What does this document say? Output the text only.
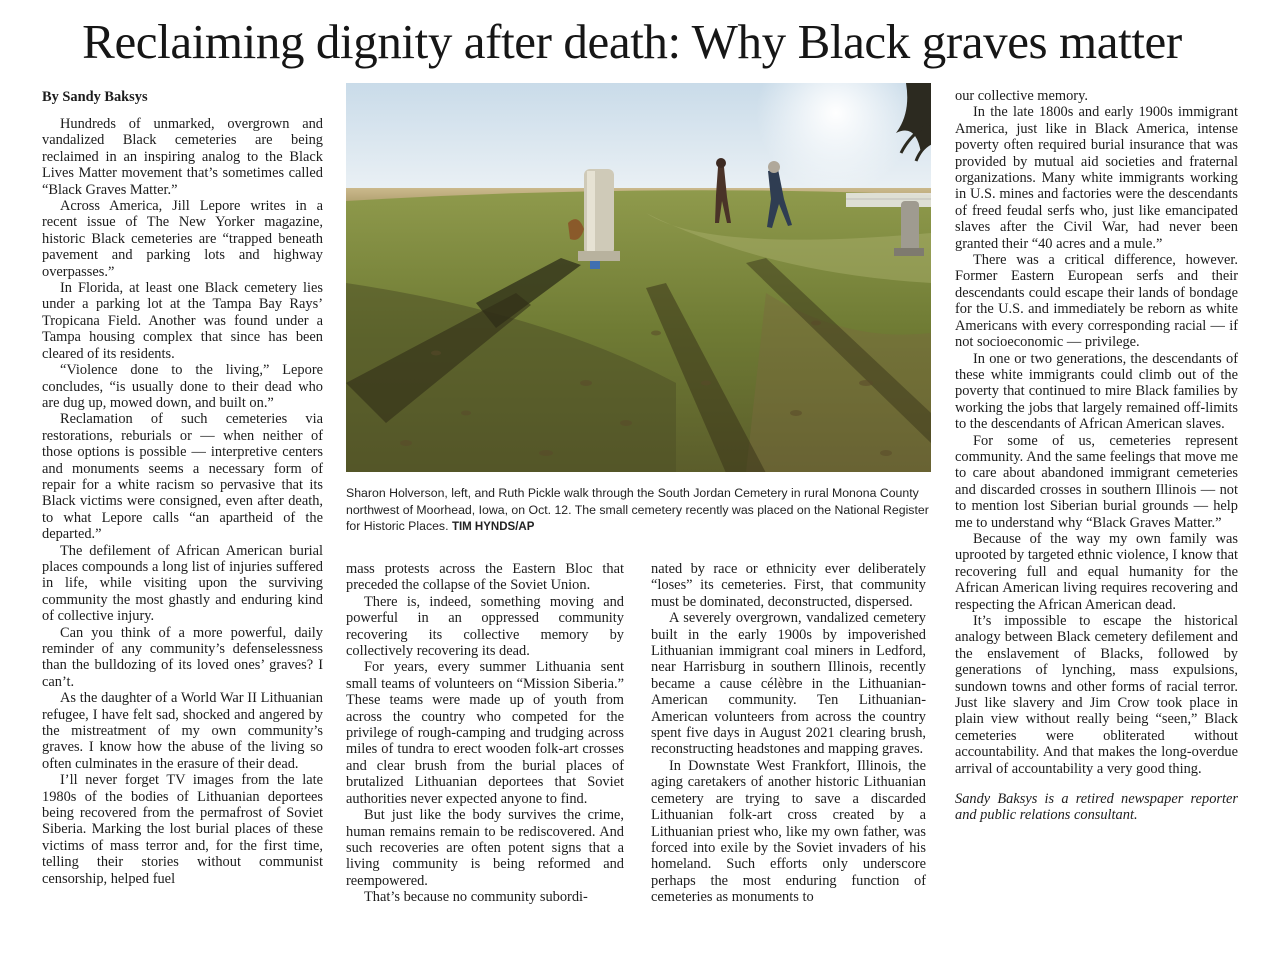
Reclaiming dignity after death: Why Black graves matter
By Sandy Baksys

Hundreds of unmarked, overgrown and vandalized Black cemeteries are being reclaimed in an inspiring analog to the Black Lives Matter movement that’s sometimes called “Black Graves Matter.”

Across America, Jill Lepore writes in a recent issue of The New Yorker magazine, historic Black cemeteries are “trapped beneath pavement and parking lots and highway overpasses.”

In Florida, at least one Black cemetery lies under a parking lot at the Tampa Bay Rays’ Tropicana Field. Another was found under a Tampa housing complex that since has been cleared of its residents.

“Violence done to the living,” Lepore concludes, “is usually done to their dead who are dug up, mowed down, and built on.”

Reclamation of such cemeteries via restorations, reburials or — when neither of those options is possible — interpretive centers and monuments seems a necessary form of repair for a white racism so pervasive that its Black victims were consigned, even after death, to what Lepore calls “an apartheid of the departed.”

The defilement of African American burial places compounds a long list of injuries suffered in life, while visiting upon the surviving community the most ghastly and enduring kind of collective injury.

Can you think of a more powerful, daily reminder of any community’s defenselessness than the bulldozing of its loved ones’ graves? I can’t.

As the daughter of a World War II Lithuanian refugee, I have felt sad, shocked and angered by the mistreatment of my own community’s graves. I know how the abuse of the living so often culminates in the erasure of their dead.

I’ll never forget TV images from the late 1980s of the bodies of Lithuanian deportees being recovered from the permafrost of Soviet Siberia. Marking the lost burial places of these victims of mass terror and, for the first time, telling their stories without communist censorship, helped fuel

Sharon Holverson, left, and Ruth Pickle walk through the South Jordan Cemetery in rural Monona County northwest of Moorhead, Iowa, on Oct. 12. The small cemetery recently was placed on the National Register for Historic Places. TIM HYNDS/AP

mass protests across the Eastern Bloc that preceded the collapse of the Soviet Union.

There is, indeed, something moving and powerful in an oppressed community recovering its collective memory by collectively recovering its dead.

For years, every summer Lithuania sent small teams of volunteers on “Mission Siberia.” These teams were made up of youth from across the country who competed for the privilege of rough-camping and trudging across miles of tundra to erect wooden folk-art crosses and clear brush from the burial places of brutalized Lithuanian deportees that Soviet authorities never expected anyone to find.

But just like the body survives the crime, human remains remain to be rediscovered. And such recoveries are often potent signs that a living community is being reformed and reempowered.

That’s because no community subordi-

nated by race or ethnicity ever deliberately “loses” its cemeteries. First, that community must be dominated, deconstructed, dispersed.

A severely overgrown, vandalized cemetery built in the early 1900s by impoverished Lithuanian immigrant coal miners in Ledford, near Harrisburg in southern Illinois, recently became a cause célèbre in the Lithuanian-American community. Ten Lithuanian-American volunteers from across the country spent five days in August 2021 clearing brush, reconstructing headstones and mapping graves.

In Downstate West Frankfort, Illinois, the aging caretakers of another historic Lithuanian cemetery are trying to save a discarded Lithuanian folk-art cross created by a Lithuanian priest who, like my own father, was forced into exile by the Soviet invaders of his homeland. Such efforts only underscore perhaps the most enduring function of cemeteries as monuments to

our collective memory.

In the late 1800s and early 1900s immigrant America, just like in Black America, intense poverty often required burial insurance that was provided by mutual aid societies and fraternal organizations. Many white immigrants working in U.S. mines and factories were the descendants of freed feudal serfs who, just like emancipated slaves after the Civil War, had never been granted their “40 acres and a mule.”

There was a critical difference, however. Former Eastern European serfs and their descendants could escape their lands of bondage for the U.S. and immediately be reborn as white Americans with every corresponding racial — if not socioeconomic — privilege.

In one or two generations, the descendants of these white immigrants could climb out of the poverty that continued to mire Black families by working the jobs that largely remained off-limits to the descendants of African American slaves.

For some of us, cemeteries represent community. And the same feelings that move me to care about abandoned immigrant cemeteries and discarded crosses in southern Illinois — not to mention lost Siberian burial grounds — help me to understand why “Black Graves Matter.”

Because of the way my own family was uprooted by targeted ethnic violence, I know that recovering full and equal humanity for the African American living requires recovering and respecting the African American dead.

It’s impossible to escape the historical analogy between Black cemetery defilement and the enslavement of Blacks, followed by generations of lynching, mass expulsions, sundown towns and other forms of racial terror. Just like slavery and Jim Crow took place in plain view without really being “seen,” Black cemeteries were obliterated without accountability. And that makes the long-overdue arrival of accountability a very good thing.

Sandy Baksys is a retired newspaper reporter and public relations consultant.
